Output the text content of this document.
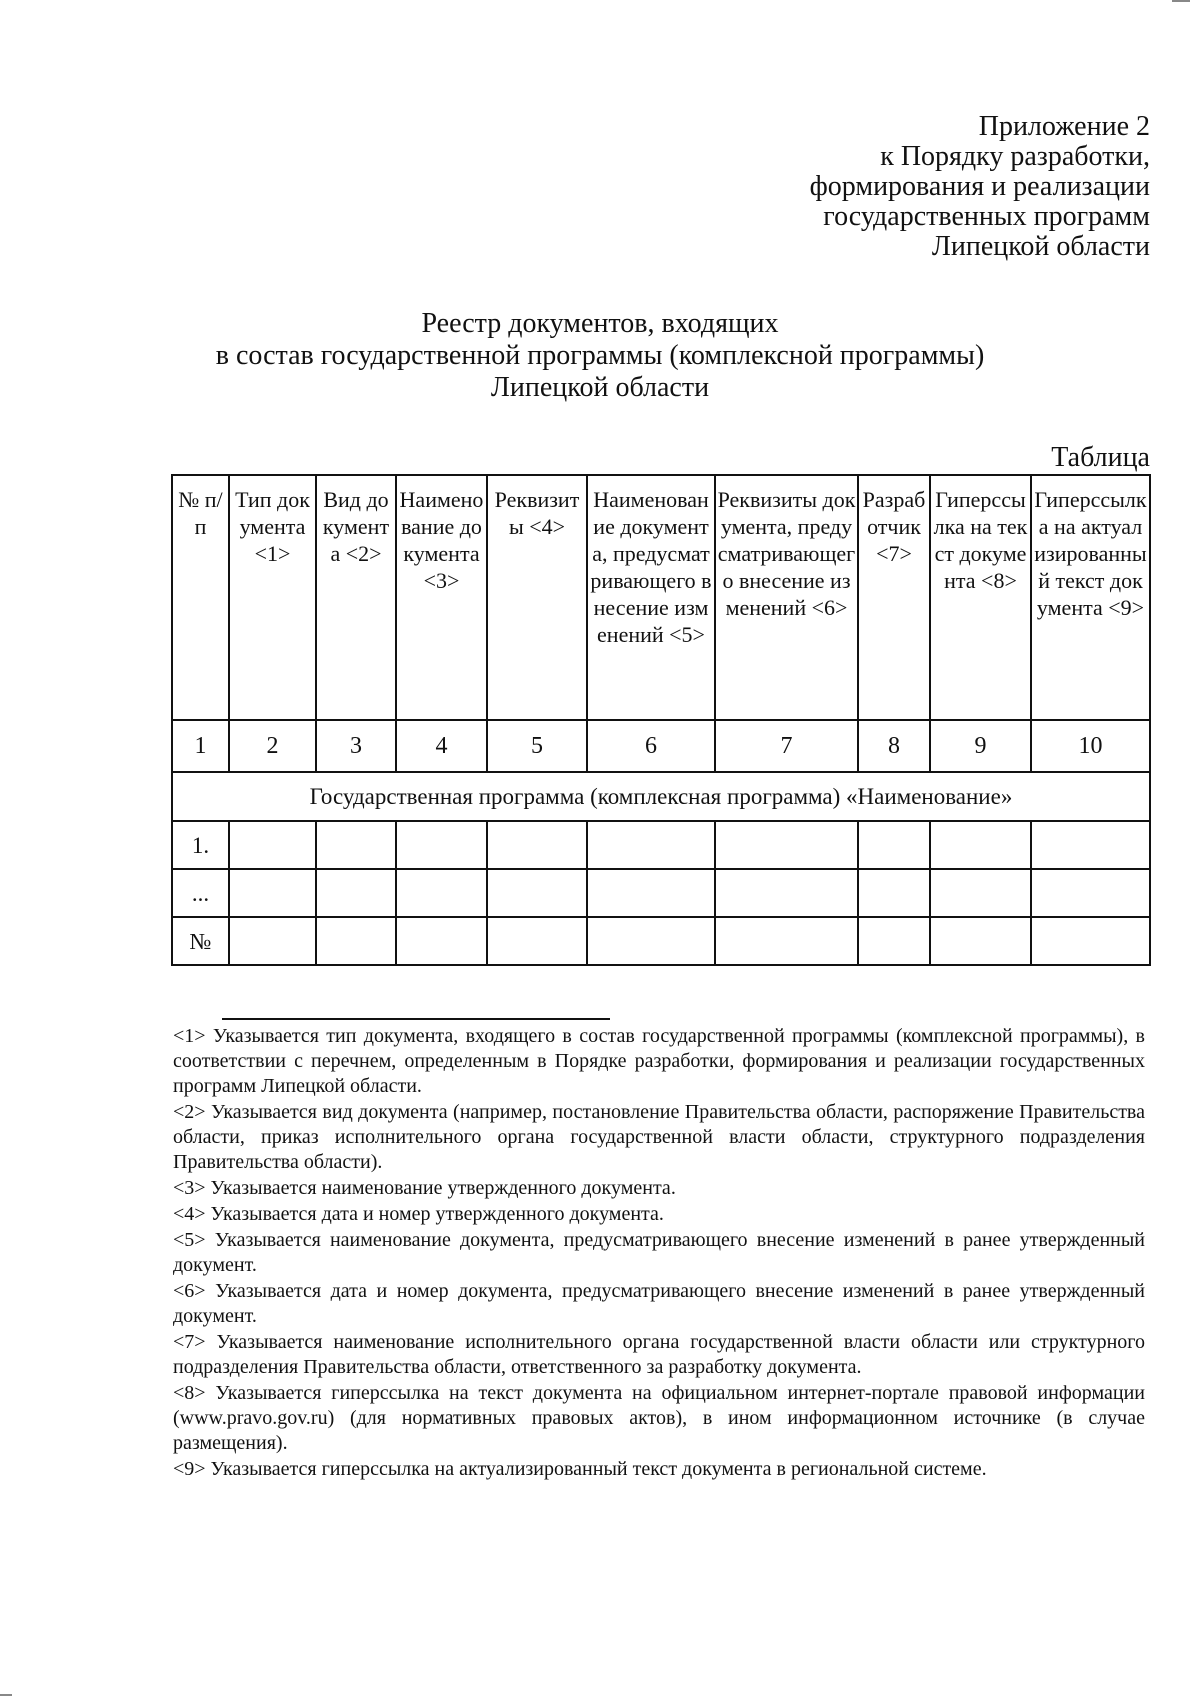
Приложение 2
к Порядку разработки,
формирования и реализации
государственных программ
Липецкой области
Реестр документов, входящих
в состав государственной программы (комплексной программы)
Липецкой области
Таблица
№ п/п	Тип документа <1>	Вид документа <2>	Наименование документа <3>	Реквизиты <4>	Наименование документа, предусматривающего внесение изменений <5>	Реквизиты документа, предусматривающего внесение изменений <6>	Разработчик <7>	Гиперссылка на текст документа <8>	Гиперссылка на актуализированный текст документа <9>
1	2	3	4	5	6	7	8	9	10
Государственная программа (комплексная программа) «Наименование»									
1.									
...									
№									

<1> Указывается тип документа, входящего в состав государственной программы (комплексной программы), в соответствии с перечнем, определенным в Порядке разработки, формирования и реализации государственных программ Липецкой области.

<2> Указывается вид документа (например, постановление Правительства области, распоряжение Правительства области, приказ исполнительного органа государственной власти области, структурного подразделения Правительства области).

<3> Указывается наименование утвержденного документа.

<4> Указывается дата и номер утвержденного документа.

<5> Указывается наименование документа, предусматривающего внесение изменений в ранее утвержденный документ.

<6> Указывается дата и номер документа, предусматривающего внесение изменений в ранее утвержденный документ.

<7> Указывается наименование исполнительного органа государственной власти области или структурного подразделения Правительства области, ответственного за разработку документа.

<8> Указывается гиперссылка на текст документа на официальном интернет-портале правовой информации (www.pravo.gov.ru) (для нормативных правовых актов), в ином информационном источнике (в случае размещения).

<9> Указывается гиперссылка на актуализированный текст документа в региональной системе.
